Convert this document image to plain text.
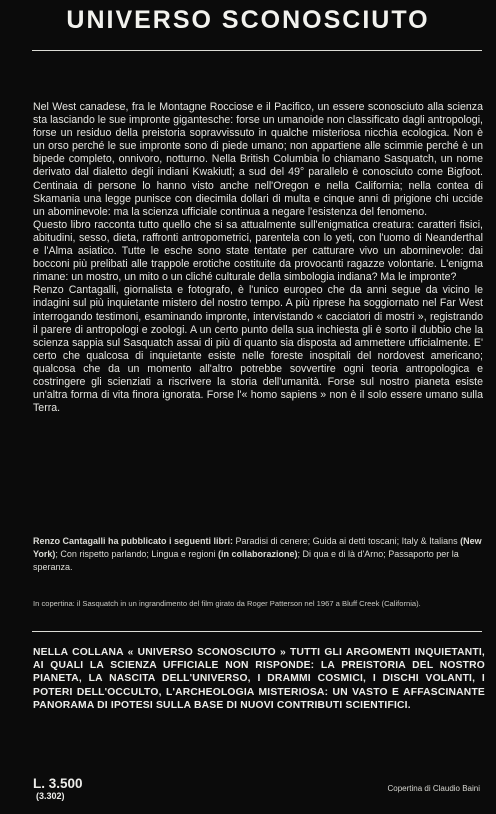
UNIVERSO SCONOSCIUTO

Nel West canadese, fra le Montagne Rocciose e il Pacifico, un essere sconosciuto alla scienza sta lasciando le sue impronte gigantesche: forse un umanoide non classificato dagli antropologi, forse un residuo della preistoria sopravvissuto in qualche misteriosa nicchia ecologica. Non è un orso perché le sue impronte sono di piede umano; non appartiene alle scimmie perché è un bipede completo, onnivoro, notturno. Nella British Columbia lo chiamano Sasquatch, un nome derivato dal dialetto degli indiani Kwakiutl; a sud del 49° parallelo è conosciuto come Bigfoot. Centinaia di persone lo hanno visto anche nell'Oregon e nella California; nella contea di Skamania una legge punisce con diecimila dollari di multa e cinque anni di prigione chi uccide un abominevole: ma la scienza ufficiale continua a negare l'esistenza del fenomeno.

Questo libro racconta tutto quello che si sa attualmente sull'enigmatica creatura: caratteri fisici, abitudini, sesso, dieta, raffronti antropometrici, parentela con lo yeti, con l'uomo di Neanderthal e l'Alma asiatico. Tutte le esche sono state tentate per catturare vivo un abominevole: dai bocconi più prelibati alle trappole erotiche costituite da provocanti ragazze volontarie. L'enigma rimane: un mostro, un mito o un cliché culturale della simbologia indiana? Ma le impronte?

Renzo Cantagalli, giornalista e fotografo, è l'unico europeo che da anni segue da vicino le indagini sul più inquietante mistero del nostro tempo. A più riprese ha soggiornato nel Far West interrogando testimoni, esaminando impronte, intervistando « cacciatori di mostri », registrando il parere di antropologi e zoologi. A un certo punto della sua inchiesta gli è sorto il dubbio che la scienza sappia sul Sasquatch assai di più di quanto sia disposta ad ammettere ufficialmente. E' certo che qualcosa di inquietante esiste nelle foreste inospitali del nordovest americano; qualcosa che da un momento all'altro potrebbe sovvertire ogni teoria antropologica e costringere gli scienziati a riscrivere la storia dell'umanità. Forse sul nostro pianeta esiste un'altra forma di vita finora ignorata. Forse l'« homo sapiens » non è il solo essere umano sulla Terra.

Renzo Cantagalli ha pubblicato i seguenti libri: Paradisi di cenere; Guida ai detti toscani; Italy & Italians (New York); Con rispetto parlando; Lingua e regioni (in collaborazione); Di qua e di là d'Arno; Passaporto per la speranza.
In copertina: il Sasquatch in un ingrandimento del film girato da Roger Patterson nel 1967 a Bluff Creek (California).
NELLA COLLANA « UNIVERSO SCONOSCIUTO » TUTTI GLI ARGOMENTI INQUIETANTI, AI QUALI LA SCIENZA UFFICIALE NON RISPONDE: LA PREISTORIA DEL NOSTRO PIANETA, LA NASCITA DELL'UNIVERSO, I DRAMMI COSMICI, I DISCHI VOLANTI, I POTERI DELL'OCCULTO, L'ARCHEOLOGIA MISTERIOSA: UN VASTO E AFFASCINANTE PANORAMA DI IPOTESI SULLA BASE DI NUOVI CONTRIBUTI SCIENTIFICI.
L. 3.500
(3.302)
Copertina di Claudio Baini
